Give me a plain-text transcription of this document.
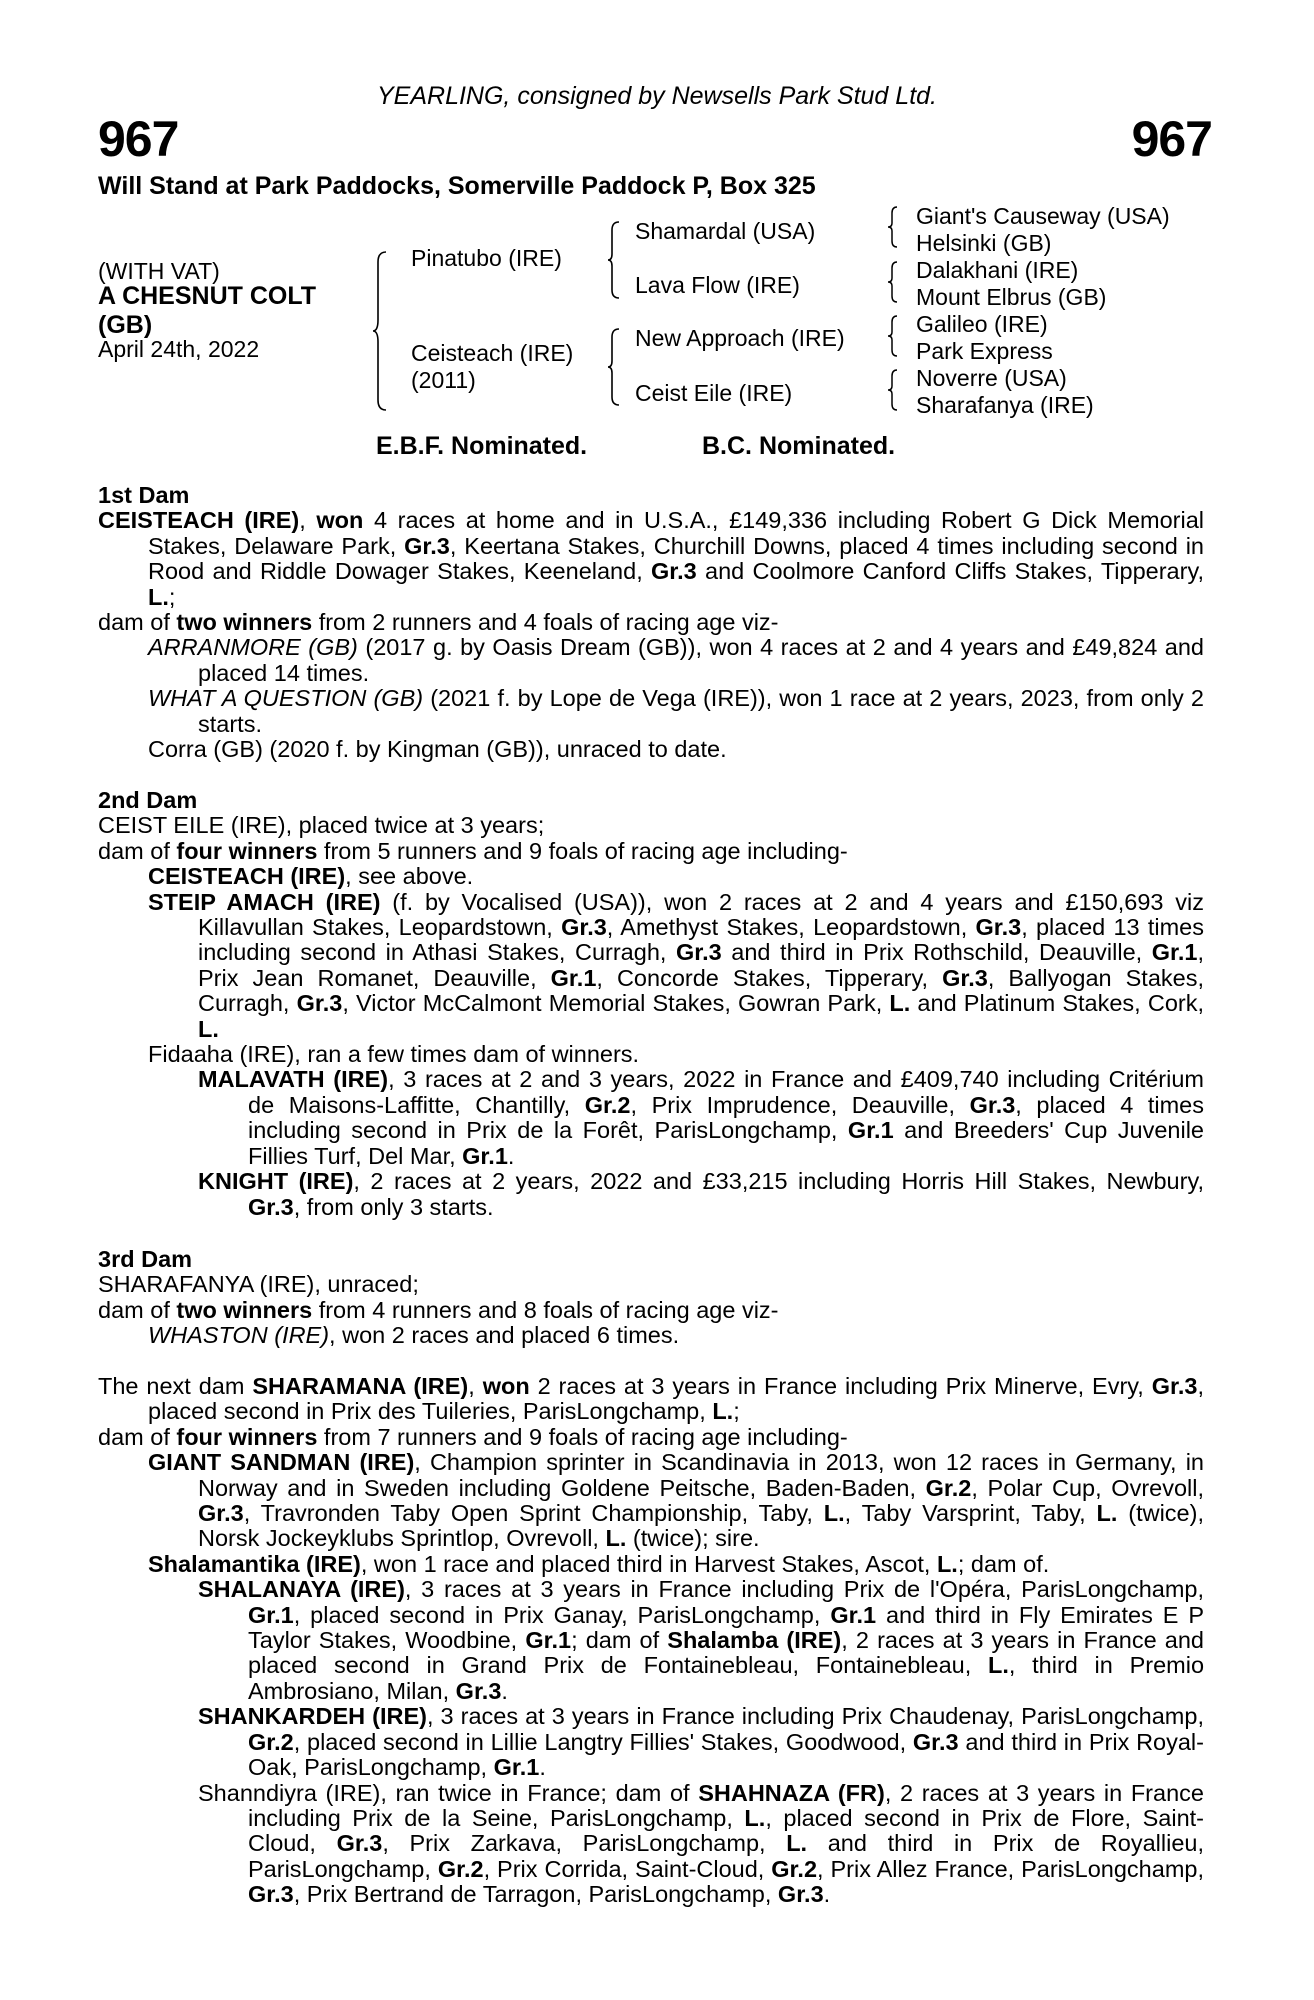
YEARLING, consigned by Newsells Park Stud Ltd.
967	967
Will Stand at Park Paddocks, Somerville Paddock P, Box 325
(WITH VAT)
A CHESNUT COLT
(GB)
April 24th, 2022
Pinatubo (IRE)
Ceisteach (IRE)
(2011)
Shamardal (USA)
Lava Flow (IRE)
New Approach (IRE)
Ceist Eile (IRE)
Giant's Causeway (USA)
Helsinki (GB)
Dalakhani (IRE)
Mount Elbrus (GB)
Galileo (IRE)
Park Express
Noverre (USA)
Sharafanya (IRE)
E.B.F. Nominated.	B.C. Nominated.

1st Dam

CEISTEACH (IRE), won 4 races at home and in U.S.A., £149,336 including Robert G Dick Memorial Stakes, Delaware Park, Gr.3, Keertana Stakes, Churchill Downs, placed 4 times including second in Rood and Riddle Dowager Stakes, Keeneland, Gr.3 and Coolmore Canford Cliffs Stakes, Tipperary, L.;

dam of two winners from 2 runners and 4 foals of racing age viz-

ARRANMORE (GB) (2017 g. by Oasis Dream (GB)), won 4 races at 2 and 4 years and £49,824 and placed 14 times.

WHAT A QUESTION (GB) (2021 f. by Lope de Vega (IRE)), won 1 race at 2 years, 2023, from only 2 starts.

Corra (GB) (2020 f. by Kingman (GB)), unraced to date.

2nd Dam

CEIST EILE (IRE), placed twice at 3 years;

dam of four winners from 5 runners and 9 foals of racing age including-

CEISTEACH (IRE), see above.

STEIP AMACH (IRE) (f. by Vocalised (USA)), won 2 races at 2 and 4 years and £150,693 viz Killavullan Stakes, Leopardstown, Gr.3, Amethyst Stakes, Leopardstown, Gr.3, placed 13 times including second in Athasi Stakes, Curragh, Gr.3 and third in Prix Rothschild, Deauville, Gr.1, Prix Jean Romanet, Deauville, Gr.1, Concorde Stakes, Tipperary, Gr.3, Ballyogan Stakes, Curragh, Gr.3, Victor McCalmont Memorial Stakes, Gowran Park, L. and Platinum Stakes, Cork, L.

Fidaaha (IRE), ran a few times dam of winners.

MALAVATH (IRE), 3 races at 2 and 3 years, 2022 in France and £409,740 including Critérium de Maisons-Laffitte, Chantilly, Gr.2, Prix Imprudence, Deauville, Gr.3, placed 4 times including second in Prix de la Forêt, ParisLongchamp, Gr.1 and Breeders' Cup Juvenile Fillies Turf, Del Mar, Gr.1.

KNIGHT (IRE), 2 races at 2 years, 2022 and £33,215 including Horris Hill Stakes, Newbury, Gr.3, from only 3 starts.

3rd Dam

SHARAFANYA (IRE), unraced;

dam of two winners from 4 runners and 8 foals of racing age viz-

WHASTON (IRE), won 2 races and placed 6 times.

The next dam SHARAMANA (IRE), won 2 races at 3 years in France including Prix Minerve, Evry, Gr.3, placed second in Prix des Tuileries, ParisLongchamp, L.;

dam of four winners from 7 runners and 9 foals of racing age including-

GIANT SANDMAN (IRE), Champion sprinter in Scandinavia in 2013, won 12 races in Germany, in Norway and in Sweden including Goldene Peitsche, Baden-Baden, Gr.2, Polar Cup, Ovrevoll, Gr.3, Travronden Taby Open Sprint Championship, Taby, L., Taby Varsprint, Taby, L. (twice), Norsk Jockeyklubs Sprintlop, Ovrevoll, L. (twice); sire.

Shalamantika (IRE), won 1 race and placed third in Harvest Stakes, Ascot, L.; dam of.

SHALANAYA (IRE), 3 races at 3 years in France including Prix de l'Opéra, ParisLongchamp, Gr.1, placed second in Prix Ganay, ParisLongchamp, Gr.1 and third in Fly Emirates E P Taylor Stakes, Woodbine, Gr.1; dam of Shalamba (IRE), 2 races at 3 years in France and placed second in Grand Prix de Fontainebleau, Fontainebleau, L., third in Premio Ambrosiano, Milan, Gr.3.

SHANKARDEH (IRE), 3 races at 3 years in France including Prix Chaudenay, ParisLongchamp, Gr.2, placed second in Lillie Langtry Fillies' Stakes, Goodwood, Gr.3 and third in Prix Royal-Oak, ParisLongchamp, Gr.1.

Shanndiyra (IRE), ran twice in France; dam of SHAHNAZA (FR), 2 races at 3 years in France including Prix de la Seine, ParisLongchamp, L., placed second in Prix de Flore, Saint-Cloud, Gr.3, Prix Zarkava, ParisLongchamp, L. and third in Prix de Royallieu, ParisLongchamp, Gr.2, Prix Corrida, Saint-Cloud, Gr.2, Prix Allez France, ParisLongchamp, Gr.3, Prix Bertrand de Tarragon, ParisLongchamp, Gr.3.
